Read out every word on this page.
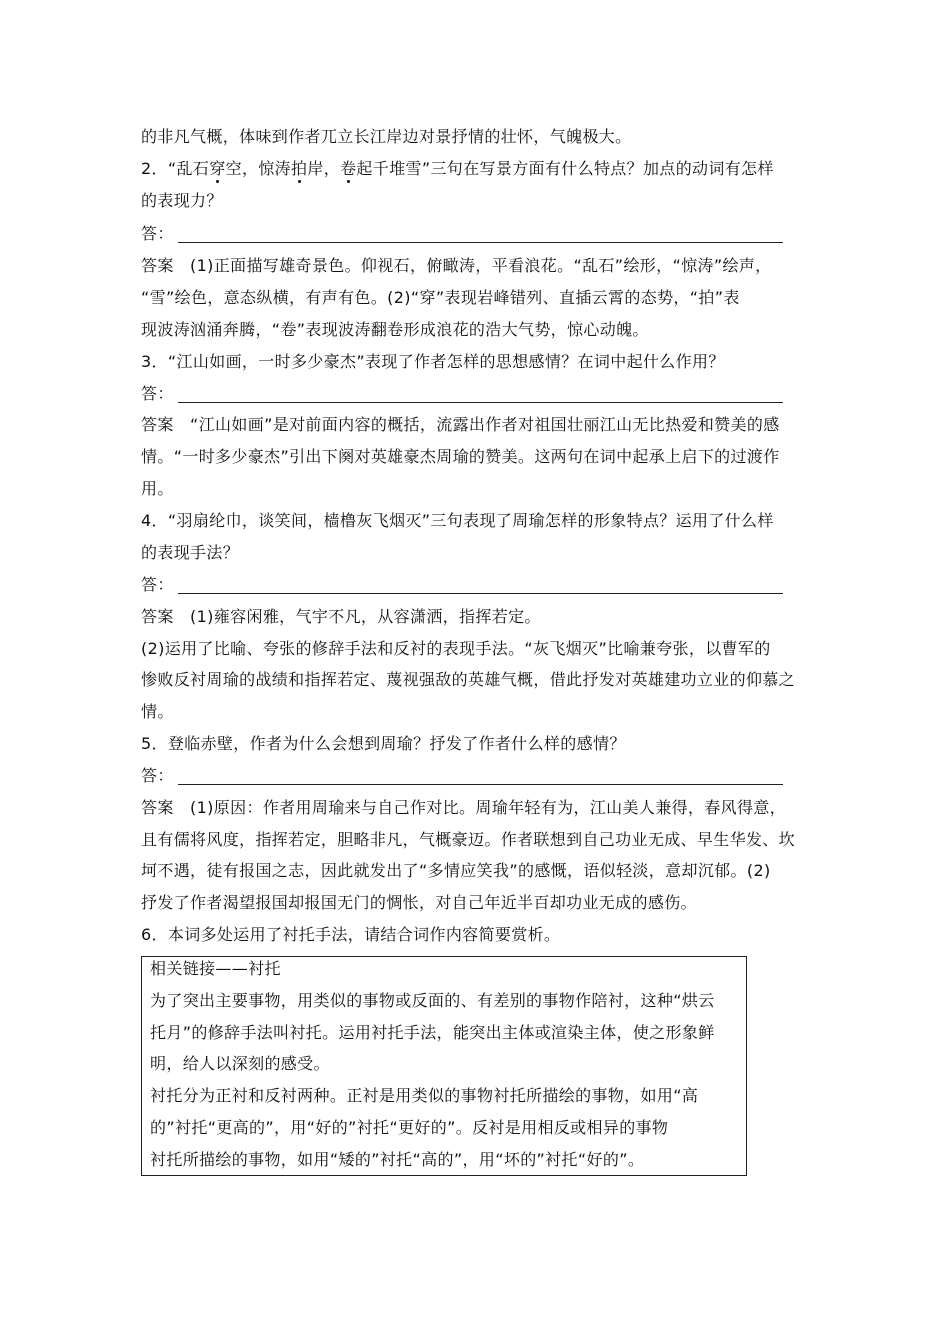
的非凡气概，体味到作者兀立长江岸边对景抒情的壮怀，气魄极大。
2．“乱石穿空，惊涛拍岸，卷起千堆雪”三句在写景方面有什么特点？加点的动词有怎样
的表现力？
答：
答案　(1)正面描写雄奇景色。仰视石，俯瞰涛，平看浪花。“乱石”绘形，“惊涛”绘声，
“雪”绘色，意态纵横，有声有色。(2)“穿”表现岩峰错列、直插云霄的态势，“拍”表
现波涛汹涌奔腾，“卷”表现波涛翻卷形成浪花的浩大气势，惊心动魄。
3．“江山如画，一时多少豪杰”表现了作者怎样的思想感情？在词中起什么作用？
答：
答案　“江山如画”是对前面内容的概括，流露出作者对祖国壮丽江山无比热爱和赞美的感
情。“一时多少豪杰”引出下阕对英雄豪杰周瑜的赞美。这两句在词中起承上启下的过渡作
用。
4．“羽扇纶巾，谈笑间，樯橹灰飞烟灭”三句表现了周瑜怎样的形象特点？运用了什么样
的表现手法？
答：
答案　(1)雍容闲雅，气宇不凡，从容潇洒，指挥若定。
(2)运用了比喻、夸张的修辞手法和反衬的表现手法。“灰飞烟灭”比喻兼夸张，以曹军的
惨败反衬周瑜的战绩和指挥若定、蔑视强敌的英雄气概，借此抒发对英雄建功立业的仰慕之
情。
5．登临赤壁，作者为什么会想到周瑜？抒发了作者什么样的感情？
答：
答案　(1)原因：作者用周瑜来与自己作对比。周瑜年轻有为，江山美人兼得，春风得意，
且有儒将风度，指挥若定，胆略非凡，气概豪迈。作者联想到自己功业无成、早生华发、坎
坷不遇，徒有报国之志，因此就发出了“多情应笑我”的感慨，语似轻淡，意却沉郁。(2)
抒发了作者渴望报国却报国无门的惆怅，对自己年近半百却功业无成的感伤。
6．本词多处运用了衬托手法，请结合词作内容简要赏析。
相关链接——衬托
为了突出主要事物，用类似的事物或反面的、有差别的事物作陪衬，这种“烘云
托月”的修辞手法叫衬托。运用衬托手法，能突出主体或渲染主体，使之形象鲜
明，给人以深刻的感受。
衬托分为正衬和反衬两种。正衬是用类似的事物衬托所描绘的事物，如用“高
的”衬托“更高的”，用“好的”衬托“更好的”。反衬是用相反或相异的事物
衬托所描绘的事物，如用“矮的”衬托“高的”，用“坏的”衬托“好的”。
